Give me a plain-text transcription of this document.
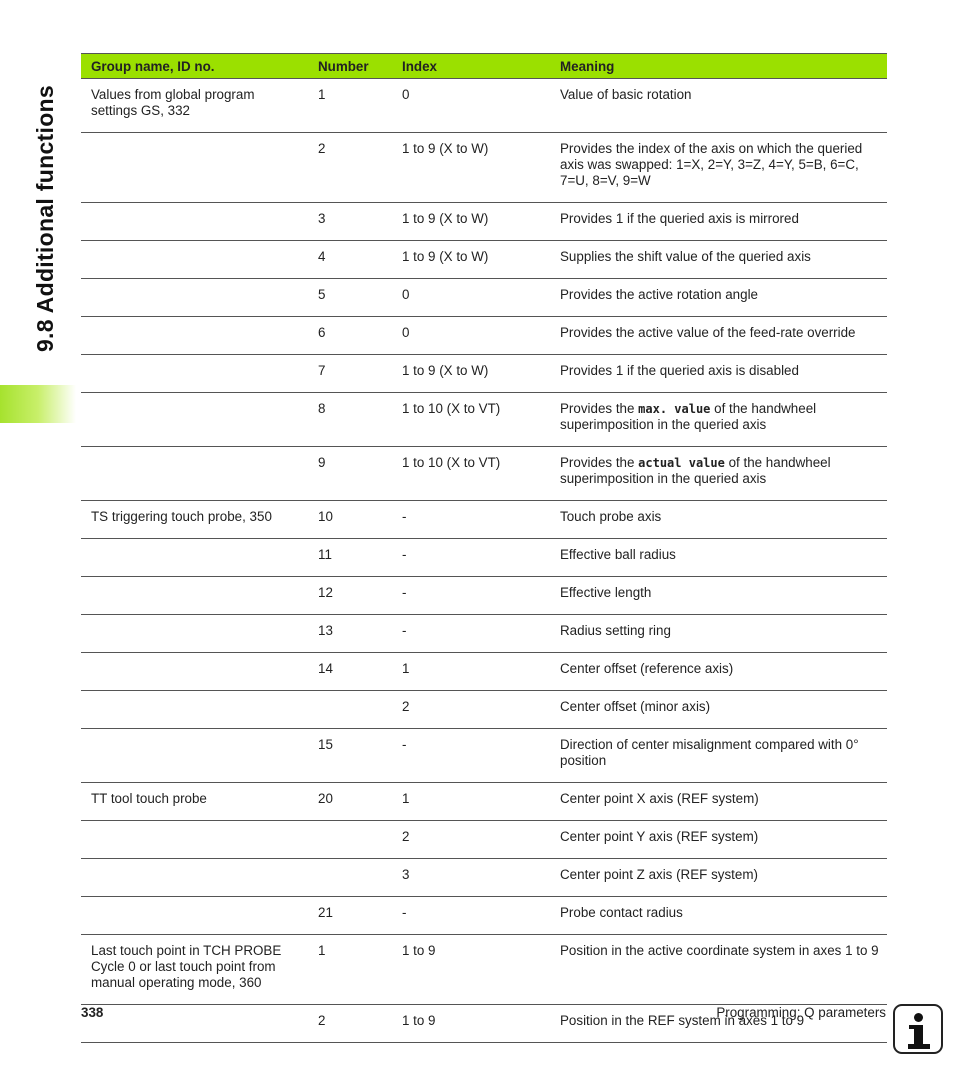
9.8 Additional functions
Group name, ID no.	Number	Index	Meaning
Values from global program settings GS, 332	1	0	Value of basic rotation
	2	1 to 9 (X to W)	Provides the index of the axis on which the queried axis was swapped: 1=X, 2=Y, 3=Z, 4=Y, 5=B, 6=C, 7=U, 8=V, 9=W
	3	1 to 9 (X to W)	Provides 1 if the queried axis is mirrored
	4	1 to 9 (X to W)	Supplies the shift value of the queried axis
	5	0	Provides the active rotation angle
	6	0	Provides the active value of the feed-rate override
	7	1 to 9 (X to W)	Provides 1 if the queried axis is disabled
	8	1 to 10 (X to VT)	Provides the max. value of the handwheel superimposition in the queried axis
	9	1 to 10 (X to VT)	Provides the actual value of the handwheel superimposition in the queried axis
TS triggering touch probe, 350	10	-	Touch probe axis
	11	-	Effective ball radius
	12	-	Effective length
	13	-	Radius setting ring
	14	1	Center offset (reference axis)
		2	Center offset (minor axis)
	15	-	Direction of center misalignment compared with 0° position
TT tool touch probe	20	1	Center point X axis (REF system)
		2	Center point Y axis (REF system)
		3	Center point Z axis (REF system)
	21	-	Probe contact radius
Last touch point in TCH PROBE Cycle 0 or last touch point from manual operating mode, 360	1	1 to 9	Position in the active coordinate system in axes 1 to 9
	2	1 to 9	Position in the REF system in axes 1 to 9
338	Programming: Q parameters
